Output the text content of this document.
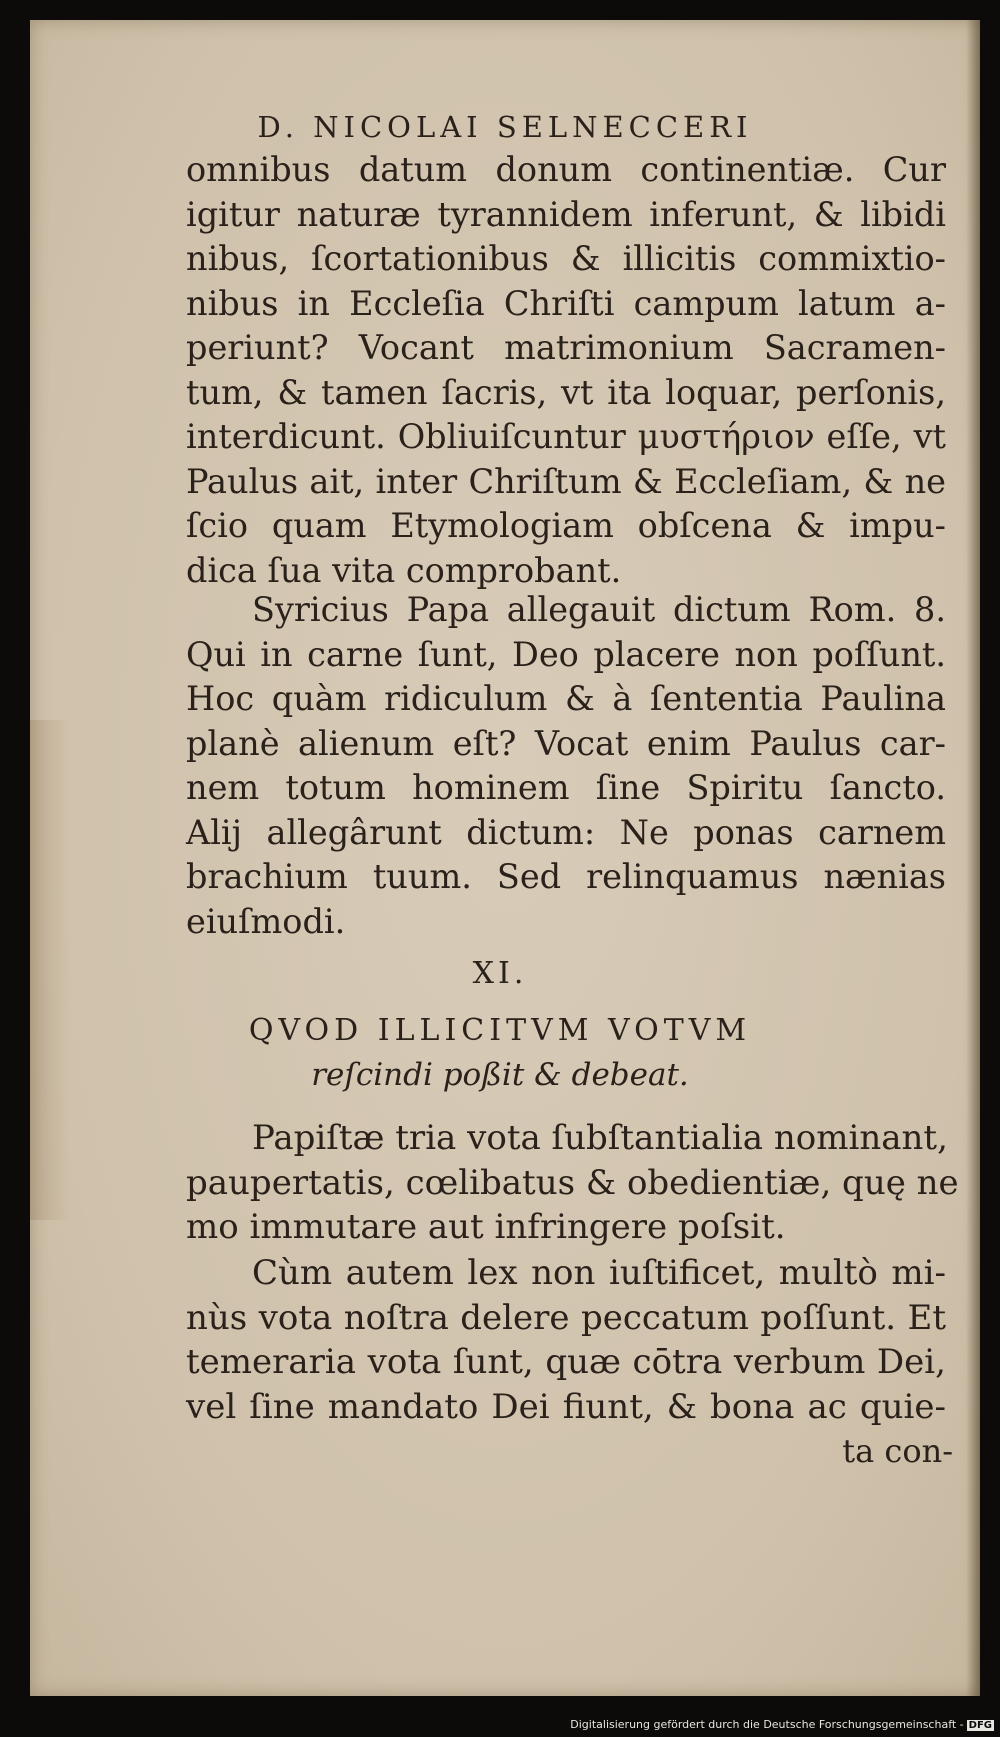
D. NICOLAI SELNECCERI
omnibus datum donum continentiæ. Cur
igitur naturæ tyrannidem inferunt, & libidi
nibus, ſcortationibus & illicitis commixtio-
nibus in Eccleſia Chriſti campum latum a-
periunt? Vocant matrimonium Sacramen-
tum, & tamen ſacris, vt ita loquar, perſonis,
interdicunt. Obliuiſcuntur μυστήριον eſſe, vt
Paulus ait, inter Chriſtum & Eccleſiam, & ne
ſcio quam Etymologiam obſcena & impu-
dica ſua vita comprobant.
Syricius Papa allegauit dictum Rom. 8.
Qui in carne ſunt, Deo placere non poſſunt.
Hoc quàm ridiculum & à ſententia Paulina
planè alienum eſt? Vocat enim Paulus car-
nem totum hominem ſine Spiritu ſancto.
Alij allegârunt dictum: Ne ponas carnem
brachium tuum. Sed relinquamus nænias
eiuſmodi.
XI.
QVOD ILLICITVM VOTVM
reſcindi poßit & debeat.
Papiſtæ tria vota ſubſtantialia nominant,
paupertatis, cœlibatus & obedientiæ, quę ne
mo immutare aut infringere poſsit.
Cùm autem lex non iuſtificet, multò mi-
nùs vota noſtra delere peccatum poſſunt. Et
temeraria vota ſunt, quæ cōtra verbum Dei,
vel ſine mandato Dei fiunt, & bona ac quie-
ta con-
Digitalisierung gefördert durch die Deutsche Forschungsgemeinschaft - DFG
